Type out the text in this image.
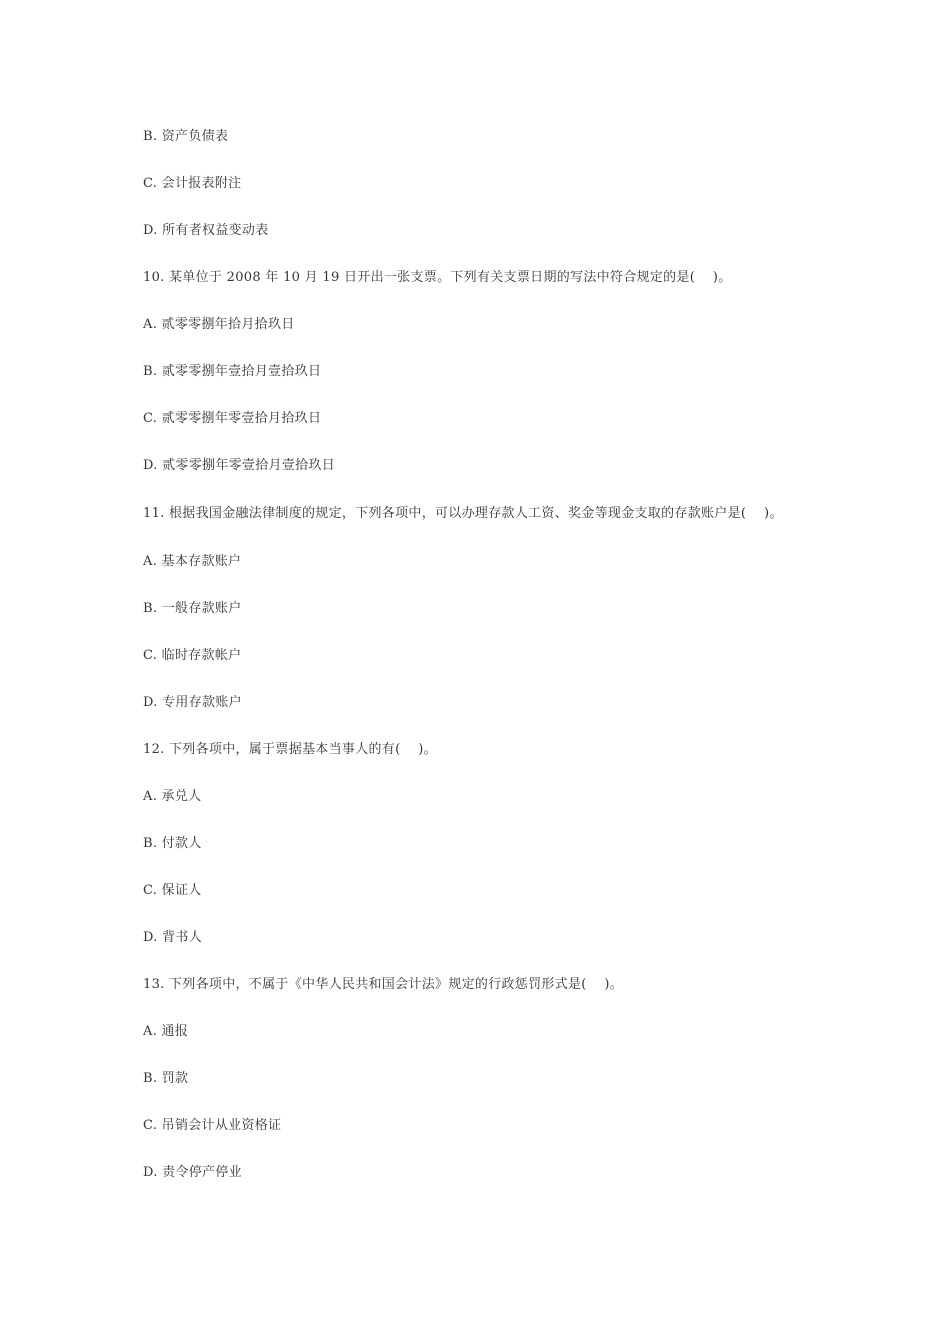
B. 资产负债表
C. 会计报表附注
D. 所有者权益变动表
10. 某单位于 2008 年 10 月 19 日开出一张支票。下列有关支票日期的写法中符合规定的是(　 )。
A. 贰零零捌年拾月拾玖日
B. 贰零零捌年壹拾月壹拾玖日
C. 贰零零捌年零壹拾月拾玖日
D. 贰零零捌年零壹拾月壹拾玖日
11. 根据我国金融法律制度的规定，下列各项中，可以办理存款人工资、奖金等现金支取的存款账户是(　 )。
A. 基本存款账户
B. 一般存款账户
C. 临时存款帐户
D. 专用存款账户
12. 下列各项中，属于票据基本当事人的有(　 )。
A. 承兑人
B. 付款人
C. 保证人
D. 背书人
13. 下列各项中，不属于《中华人民共和国会计法》规定的行政惩罚形式是(　 )。
A. 通报
B. 罚款
C. 吊销会计从业资格证
D. 责令停产停业
